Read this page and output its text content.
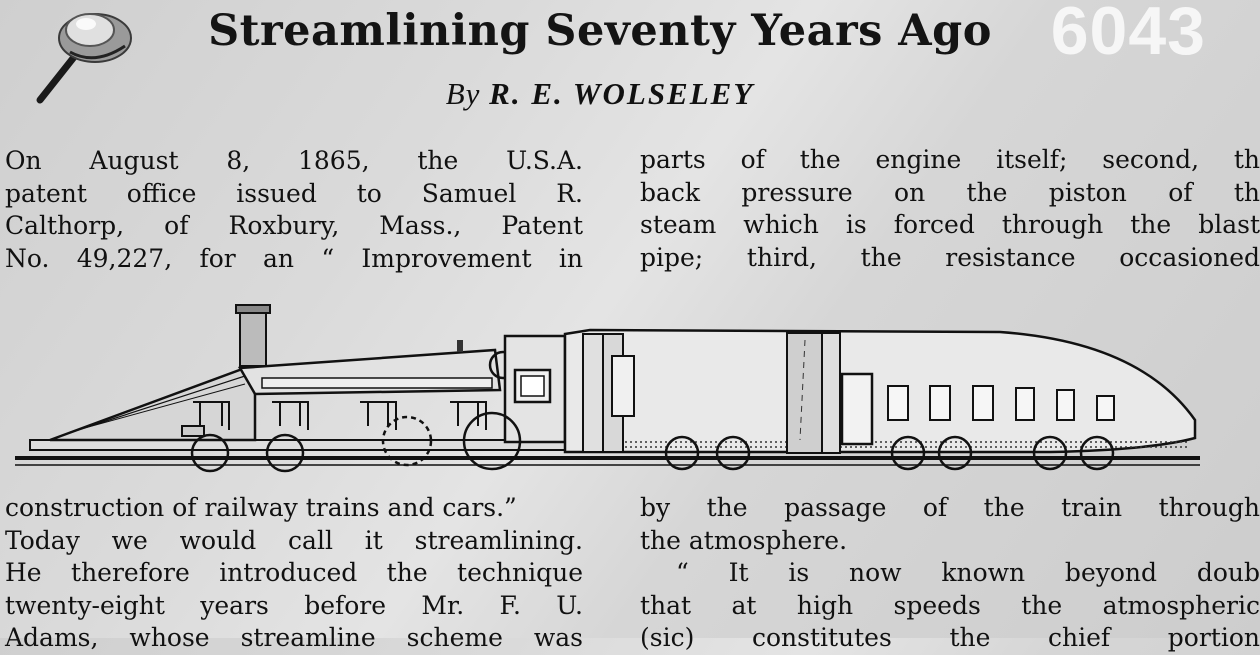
6043
Streamlining Seventy Years Ago
By R. E. WOLSELEY
On August 8, 1865, the U.S.A.
patent office issued to Samuel R.
Calthorp, of Roxbury, Mass., Patent
No. 49,227, for an “ Improvement in
parts of the engine itself; second, th
back pressure on the piston of th
steam which is forced through the blast
pipe; third, the resistance occasioned
construction of railway trains and cars.”
Today we would call it streamlining.
He therefore introduced the technique
twenty-eight years before Mr. F. U.
Adams, whose streamline scheme was
by the passage of the train through
the atmosphere.
“ It is now known beyond doub
that at high speeds the atmospheric
(sic) constitutes the chief portion
